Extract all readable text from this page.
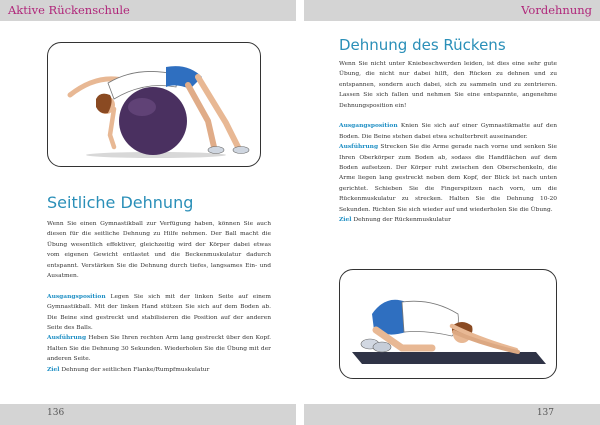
Aktive Rückenschule	Vordehnung
Seitliche Dehnung

Wenn Sie einen Gymnastikball zur Verfügung haben, können Sie auch diesen für die seitliche Dehnung zu Hilfe nehmen. Der Ball macht die Übung wesentlich effektiver, gleichzeitig wird der Körper dabei etwas vom eigenen Gewicht entlastet und die Beckenmuskulatur dadurch entspannt. Verstärken Sie die Dehnung durch tiefes, langsames Ein- und Ausatmen.

Ausgangsposition Legen Sie sich mit der linken Seite auf einem Gymnastikball. Mit der linken Hand stützen Sie sich auf dem Boden ab. Die Beine sind gestreckt und stabilisieren die Position auf der anderen Seite des Balls.
Ausführung Heben Sie Ihren rechten Arm lang gestreckt über den Kopf. Halten Sie die Dehnung 30 Sekunden. Wiederholen Sie die Übung mit der anderen Seite.
Ziel Dehnung der seitlichen Flanke/Rumpfmuskulatur
Dehnung des Rückens

Wenn Sie nicht unter Kniebeschwerden leiden, ist dies eine sehr gute Übung, die nicht nur dabei hilft, den Rücken zu dehnen und zu entspannen, sondern auch dabei, sich zu sammeln und zu zentrieren. Lassen Sie sich fallen und nehmen Sie eine entspannte, angenehme Dehnungsposition ein!

Ausgangsposition Knien Sie sich auf einer Gymnastikmatte auf den Boden. Die Beine stehen dabei etwa schulterbreit auseinander.
Ausführung Strecken Sie die Arme gerade nach vorne und senken Sie Ihren Oberkörper zum Boden ab, sodass die Handflächen auf dem Boden aufsetzen. Der Körper ruht zwischen den Oberschenkeln, die Arme liegen lang gestreckt neben dem Kopf, der Blick ist nach unten gerichtet. Schieben Sie die Fingerspitzen nach vorn, um die Rückenmuskulatur zu strecken. Halten Sie die Dehnung 10-20 Sekunden. Richten Sie sich wieder auf und wiederholen Sie die Übung.
Ziel Dehnung der Rückenmuskulatur
136	137
